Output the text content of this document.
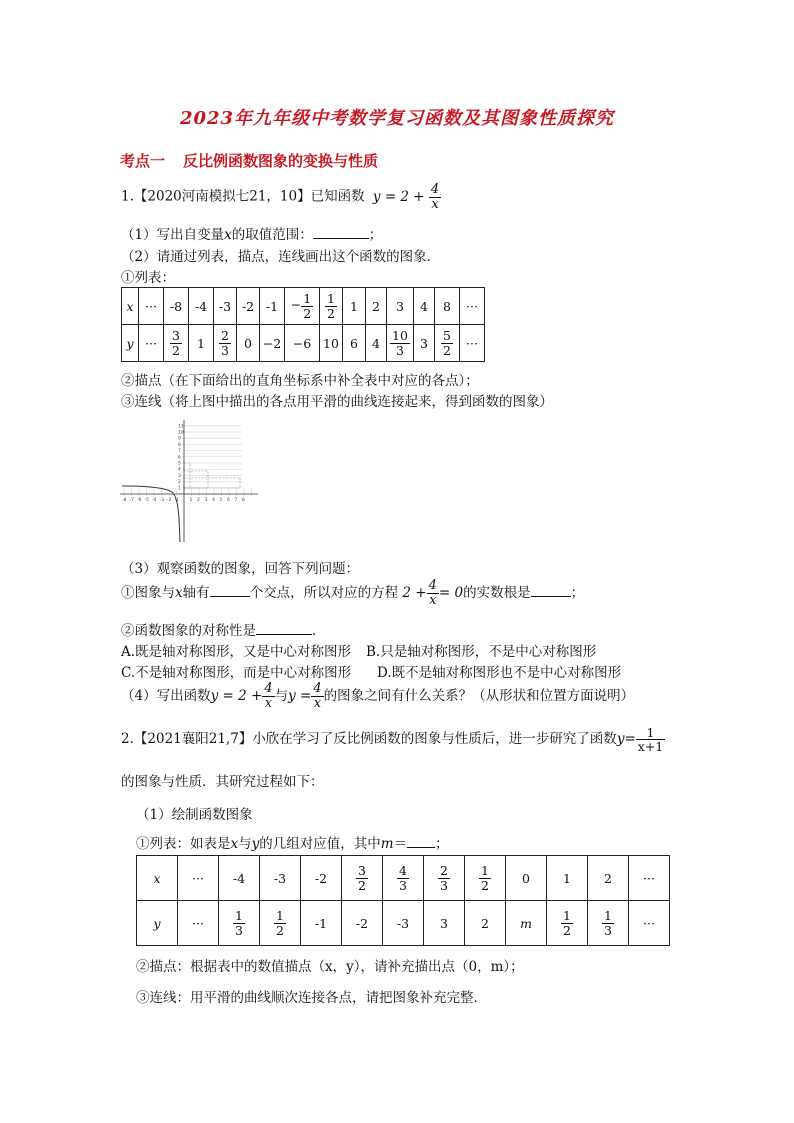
2023年九年级中考数学复习函数及其图象性质探究
考点一 反比例函数图象的变换与性质
1.【2020河南模拟七21，10】已知函数 $y = 2 + \frac{4}{x}$
（1）写出自变量x的取值范围：	；
（2）请通过列表，描点，连线画出这个函数的图象．
①列表：
x	···	-8	-4	-3	-2	-1	− $\frac{1}{2}$	$\frac{1}{2}$	1	2	3	4	8	···
y	···	$\frac{3}{2}$	1	$\frac{2}{3}$	0	−2	−6	10	6	4	$\frac{10}{3}$	3	$\frac{5}{2}$	···
②描点（在下面给出的直角坐标系中补全表中对应的各点）；
③连线（将上图中描出的各点用平滑的曲线连接起来，得到函数的图象）
-8 -7 -6 -5 -4 -3 -2 -1 1 2 3 4 5 6 7 8
1
2
3
4
5
6
7
8
9
10
11
（3）观察函数的图象，回答下列问题：
①图象与x轴有	个交点，所以对应的方程 $2 + \frac{4}{x} = 0$的实数根是	；
②函数图象的对称性是	．
A.既是轴对称图形，又是中心对称图形 B.只是轴对称图形，不是中心对称图形
C.不是轴对称图形，而是中心对称图形 D.既不是轴对称图形也不是中心对称图形
（4）写出函数$y = 2 + \frac{4}{x}$ 与$y = \frac{4}{x}$ 的图象之间有什么关系？（从形状和位置方面说明）
2.【2021襄阳21,7】小欣在学习了反比例函数的图象与性质后，进一步研究了函数$y= \frac{1}{x+1}$
的图象与性质．其研究过程如下：
（1）绘制函数图象
①列表：如表是x与y的几组对应值，其中m＝ ；
x	···	-4	-3	-2	$\frac{3}{2}$	$\frac{4}{3}$	$\frac{2}{3}$	$\frac{1}{2}$	0	1	2	···
y	···	$\frac{1}{3}$	$\frac{1}{2}$	-1	-2	-3	3	2	m	$\frac{1}{2}$	$\frac{1}{3}$	···
②描点：根据表中的数值描点（x，y），请补充描出点（0，m）；
③连线：用平滑的曲线顺次连接各点，请把图象补充完整．
